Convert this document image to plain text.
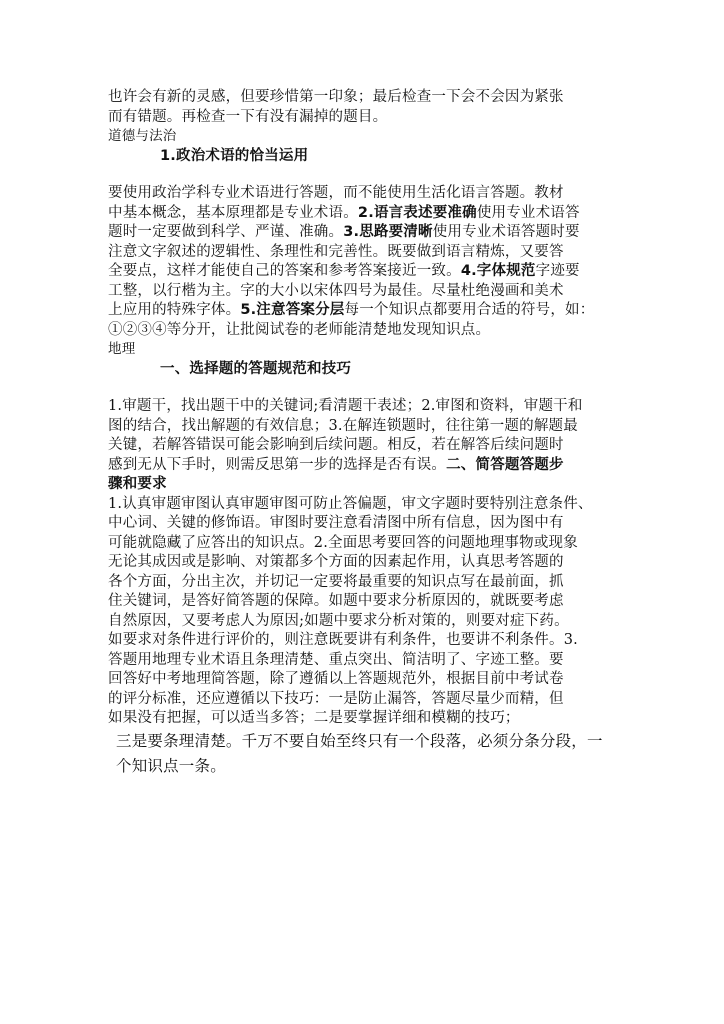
也许会有新的灵感，但要珍惜第一印象；最后检查一下会不会因为紧张
而有错题。再检查一下有没有漏掉的题目。
道德与法治
1.政治术语的恰当运用
要使用政治学科专业术语进行答题，而不能使用生活化语言答题。教材
中基本概念，基本原理都是专业术语。2.语言表述要准确使用专业术语答
题时一定要做到科学、严谨、准确。3.思路要清晰使用专业术语答题时要
注意文字叙述的逻辑性、条理性和完善性。既要做到语言精炼，又要答
全要点，这样才能使自己的答案和参考答案接近一致。4.字体规范字迹要
工整，以行楷为主。字的大小以宋体四号为最佳。尽量杜绝漫画和美术
上应用的特殊字体。5.注意答案分层每一个知识点都要用合适的符号，如：
①②③④等分开，让批阅试卷的老师能清楚地发现知识点。
地理
一、选择题的答题规范和技巧
1.审题干，找出题干中的关键词;看清题干表述；2.审图和资料，审题干和
图的结合，找出解题的有效信息；3.在解连锁题时，往往第一题的解题最
关键，若解答错误可能会影响到后续问题。相反，若在解答后续问题时
感到无从下手时，则需反思第一步的选择是否有误。二、简答题答题步
骤和要求
1.认真审题审图认真审题审图可防止答偏题，审文字题时要特别注意条件、
中心词、关键的修饰语。审图时要注意看清图中所有信息，因为图中有
可能就隐藏了应答出的知识点。2.全面思考要回答的问题地理事物或现象
无论其成因或是影响、对策都多个方面的因素起作用，认真思考答题的
各个方面，分出主次，并切记一定要将最重要的知识点写在最前面，抓
住关键词，是答好简答题的保障。如题中要求分析原因的，就既要考虑
自然原因，又要考虑人为原因;如题中要求分析对策的，则要对症下药。
如要求对条件进行评价的，则注意既要讲有利条件，也要讲不利条件。3.
答题用地理专业术语且条理清楚、重点突出、简洁明了、字迹工整。要
回答好中考地理简答题，除了遵循以上答题规范外，根据目前中考试卷
的评分标准，还应遵循以下技巧：一是防止漏答，答题尽量少而精，但
如果没有把握，可以适当多答；二是要掌握详细和模糊的技巧；
三是要条理清楚。千万不要自始至终只有一个段落，必须分条分段，一
个知识点一条。
